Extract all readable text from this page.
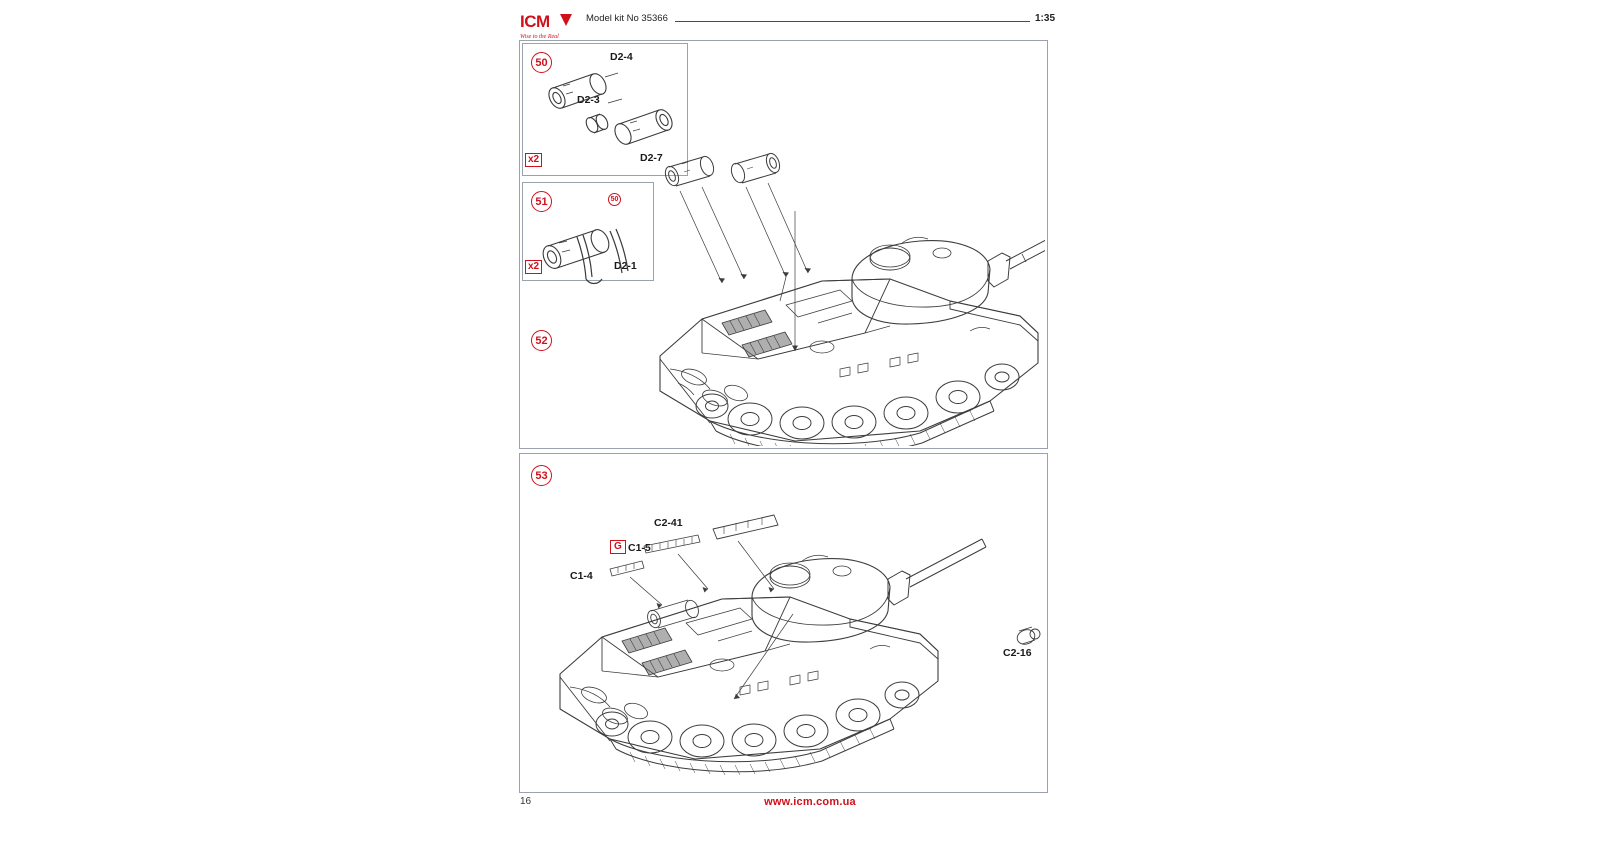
ICM
Wise to the Real
Model kit No 35366	1:35
50
x2
D2-4
D2-3
D2-7
51	50
x2	D2-1
52
53
C2-41
G C1-5
C1-4
C2-16
16	www.icm.com.ua
